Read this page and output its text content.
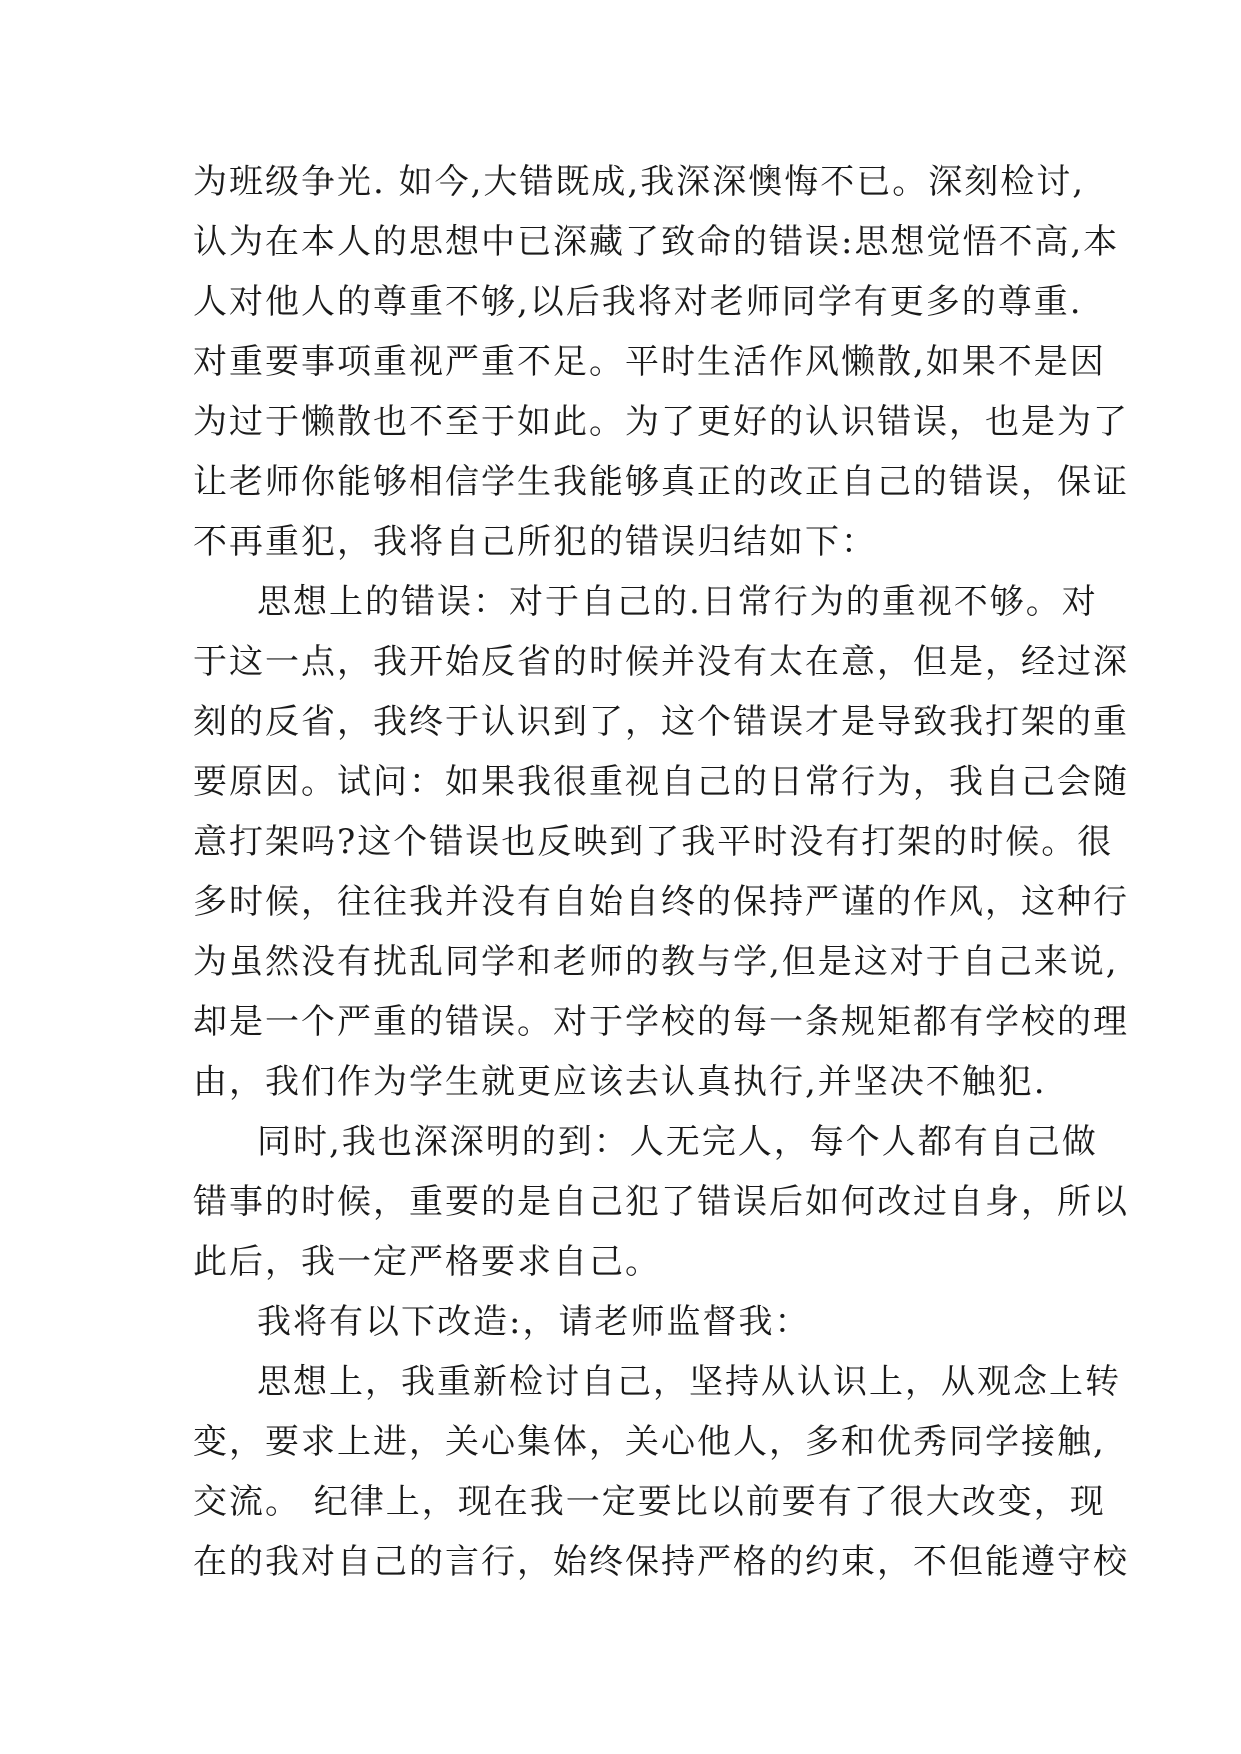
为班级争光. 如今,大错既成,我深深懊悔不已。深刻检讨,
认为在本人的思想中已深藏了致命的错误:思想觉悟不高,本
人对他人的尊重不够,以后我将对老师同学有更多的尊重.
对重要事项重视严重不足。平时生活作风懒散,如果不是因
为过于懒散也不至于如此。为了更好的认识错误，也是为了
让老师你能够相信学生我能够真正的改正自己的错误，保证
不再重犯，我将自己所犯的错误归结如下：
思想上的错误：对于自己的.日常行为的重视不够。对
于这一点，我开始反省的时候并没有太在意，但是，经过深
刻的反省，我终于认识到了，这个错误才是导致我打架的重
要原因。试问：如果我很重视自己的日常行为，我自己会随
意打架吗?这个错误也反映到了我平时没有打架的时候。很
多时候，往往我并没有自始自终的保持严谨的作风，这种行
为虽然没有扰乱同学和老师的教与学,但是这对于自己来说,
却是一个严重的错误。对于学校的每一条规矩都有学校的理
由，我们作为学生就更应该去认真执行,并坚决不触犯.
同时,我也深深明的到：人无完人，每个人都有自己做
错事的时候，重要的是自己犯了错误后如何改过自身，所以
此后，我一定严格要求自己。
我将有以下改造:，请老师监督我：
思想上，我重新检讨自己，坚持从认识上，从观念上转
变，要求上进，关心集体，关心他人，多和优秀同学接触,
交流。 纪律上，现在我一定要比以前要有了很大改变，现
在的我对自己的言行，始终保持严格的约束，不但能遵守校
